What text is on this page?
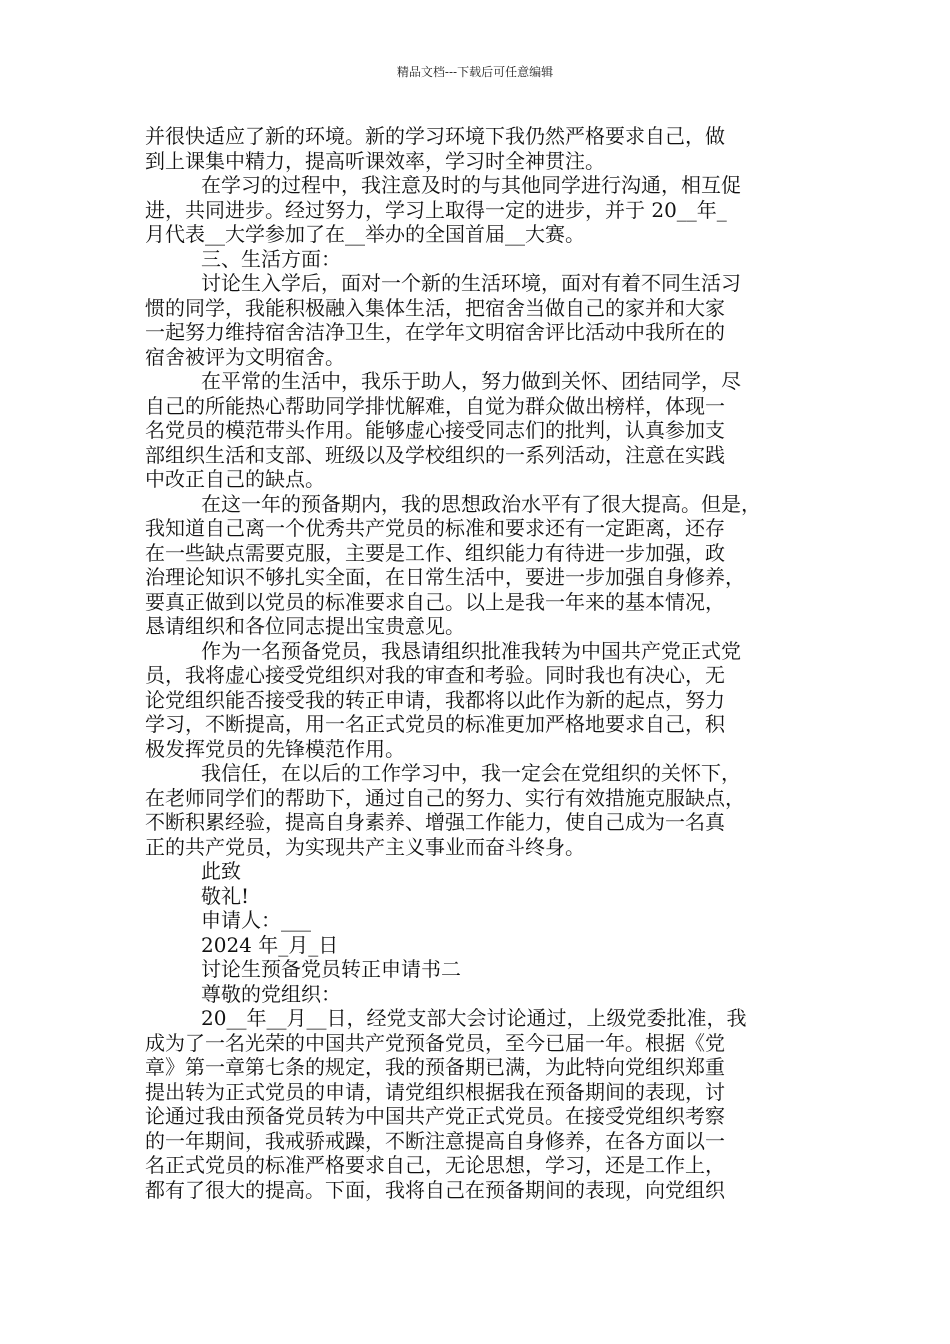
精品文档---下载后可任意编辑
并很快适应了新的环境。新的学习环境下我仍然严格要求自己，做
到上课集中精力，提高听课效率，学习时全神贯注。
在学习的过程中，我注意及时的与其他同学进行沟通，相互促
进，共同进步。经过努力，学习上取得一定的进步，并于 20__年_
月代表__大学参加了在__举办的全国首届__大赛。
三、生活方面：
讨论生入学后，面对一个新的生活环境，面对有着不同生活习
惯的同学，我能积极融入集体生活，把宿舍当做自己的家并和大家
一起努力维持宿舍洁净卫生，在学年文明宿舍评比活动中我所在的
宿舍被评为文明宿舍。
在平常的生活中，我乐于助人，努力做到关怀、团结同学，尽
自己的所能热心帮助同学排忧解难，自觉为群众做出榜样，体现一
名党员的模范带头作用。能够虚心接受同志们的批判，认真参加支
部组织生活和支部、班级以及学校组织的一系列活动，注意在实践
中改正自己的缺点。
在这一年的预备期内，我的思想政治水平有了很大提高。但是，
我知道自己离一个优秀共产党员的标准和要求还有一定距离，还存
在一些缺点需要克服，主要是工作、组织能力有待进一步加强，政
治理论知识不够扎实全面，在日常生活中，要进一步加强自身修养，
要真正做到以党员的标准要求自己。以上是我一年来的基本情况，
恳请组织和各位同志提出宝贵意见。
作为一名预备党员，我恳请组织批准我转为中国共产党正式党
员，我将虚心接受党组织对我的审查和考验。同时我也有决心，无
论党组织能否接受我的转正申请，我都将以此作为新的起点，努力
学习，不断提高，用一名正式党员的标准更加严格地要求自己，积
极发挥党员的先锋模范作用。
我信任，在以后的工作学习中，我一定会在党组织的关怀下，
在老师同学们的帮助下，通过自己的努力、实行有效措施克服缺点，
不断积累经验，提高自身素养、增强工作能力，使自己成为一名真
正的共产党员，为实现共产主义事业而奋斗终身。
此致
敬礼!
申请人：___
2024 年_月_日
讨论生预备党员转正申请书二
尊敬的党组织：
20__年__月__日，经党支部大会讨论通过，上级党委批准，我
成为了一名光荣的中国共产党预备党员，至今已届一年。根据《党
章》第一章第七条的规定，我的预备期已满，为此特向党组织郑重
提出转为正式党员的申请，请党组织根据我在预备期间的表现，讨
论通过我由预备党员转为中国共产党正式党员。在接受党组织考察
的一年期间，我戒骄戒躁，不断注意提高自身修养，在各方面以一
名正式党员的标准严格要求自己，无论思想，学习，还是工作上，
都有了很大的提高。下面，我将自己在预备期间的表现，向党组织
